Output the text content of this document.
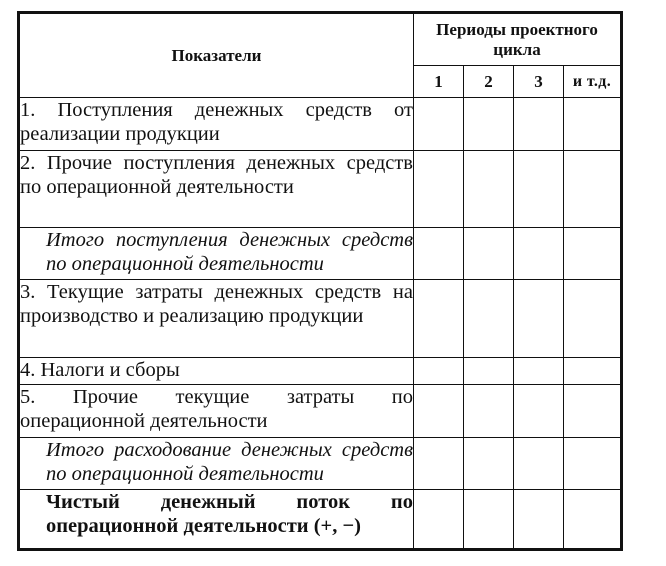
Показатели	Периоды проектного цикла			
	1	2	3	и т.д.
1. Поступления денежных средств от реализации продукции				
2. Прочие поступления денежных средств по операционной деятельности				
Итого поступления денежных средств по операционной деятельности				
3. Текущие затраты денежных средств на производство и реализацию продукции				
4. Налоги и сборы				
5. Прочие текущие затраты по операционной деятельности				
Итого расходование денежных средств по операционной деятельности				
Чистый денежный поток по операционной деятельности (+, −)				
